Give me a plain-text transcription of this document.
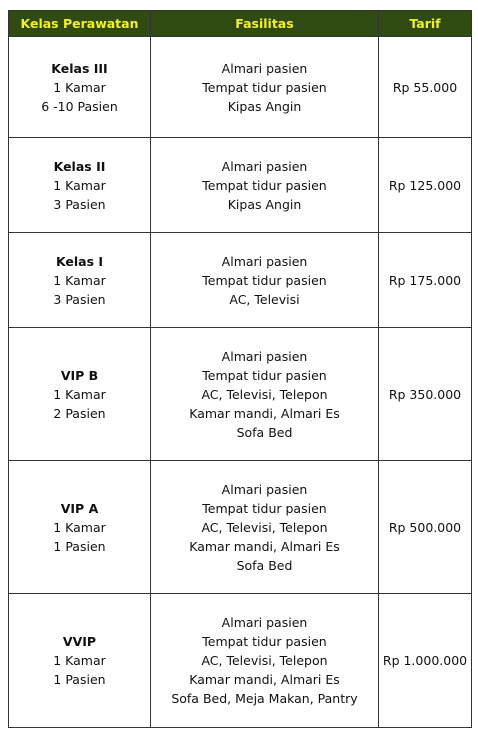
Kelas Perawatan	Fasilitas	Tarif

Kelas III
1 Kamar
6 -10 Pasien	Almari pasien
Tempat tidur pasien
Kipas Angin	Rp 55.000

Kelas II
1 Kamar
3 Pasien	Almari pasien
Tempat tidur pasien
Kipas Angin	Rp 125.000

Kelas I
1 Kamar
3 Pasien	Almari pasien
Tempat tidur pasien
AC, Televisi	Rp 175.000

VIP B
1 Kamar
2 Pasien	Almari pasien
Tempat tidur pasien
AC, Televisi, Telepon
Kamar mandi, Almari Es
Sofa Bed	Rp 350.000

VIP A
1 Kamar
1 Pasien	Almari pasien
Tempat tidur pasien
AC, Televisi, Telepon
Kamar mandi, Almari Es
Sofa Bed	Rp 500.000

VVIP
1 Kamar
1 Pasien	Almari pasien
Tempat tidur pasien
AC, Televisi, Telepon
Kamar mandi, Almari Es
Sofa Bed, Meja Makan, Pantry	Rp 1.000.000
